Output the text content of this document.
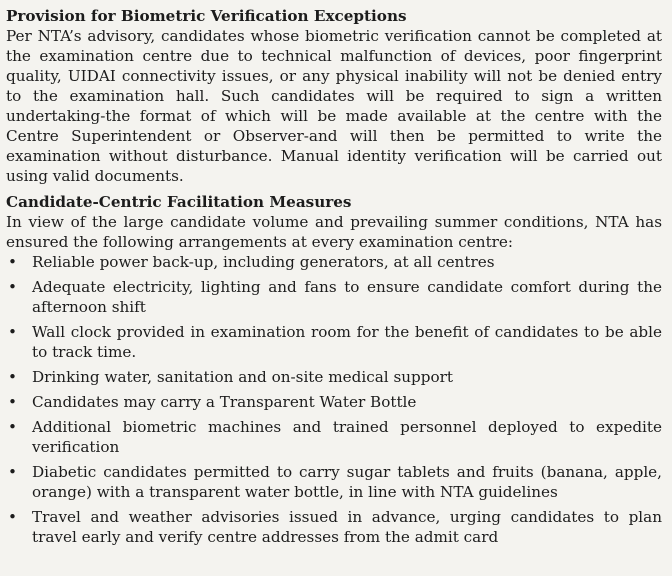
Provision for Biometric Verification Exceptions

Per NTA’s advisory, candidates whose biometric verification cannot be completed at the examination centre due to technical malfunction of devices, poor fingerprint quality, UIDAI connectivity issues, or any physical inability will not be denied entry to the examination hall. Such candidates will be required to sign a written undertaking-the format of which will be made available at the centre with the Centre Superintendent or Observer-and will then be permitted to write the examination without disturbance. Manual identity verification will be carried out using valid documents.

Candidate-Centric Facilitation Measures

In view of the large candidate volume and prevailing summer conditions, NTA has ensured the following arrangements at every examination centre:

• Reliable power back-up, including generators, at all centres
• Adequate electricity, lighting and fans to ensure candidate comfort during the afternoon shift
• Wall clock provided in examination room for the benefit of candidates to be able to track time.
• Drinking water, sanitation and on-site medical support
• Candidates may carry a Transparent Water Bottle
• Additional biometric machines and trained personnel deployed to expedite verification
• Diabetic candidates permitted to carry sugar tablets and fruits (banana, apple, orange) with a transparent water bottle, in line with NTA guidelines
• Travel and weather advisories issued in advance, urging candidates to plan travel early and verify centre addresses from the admit card
